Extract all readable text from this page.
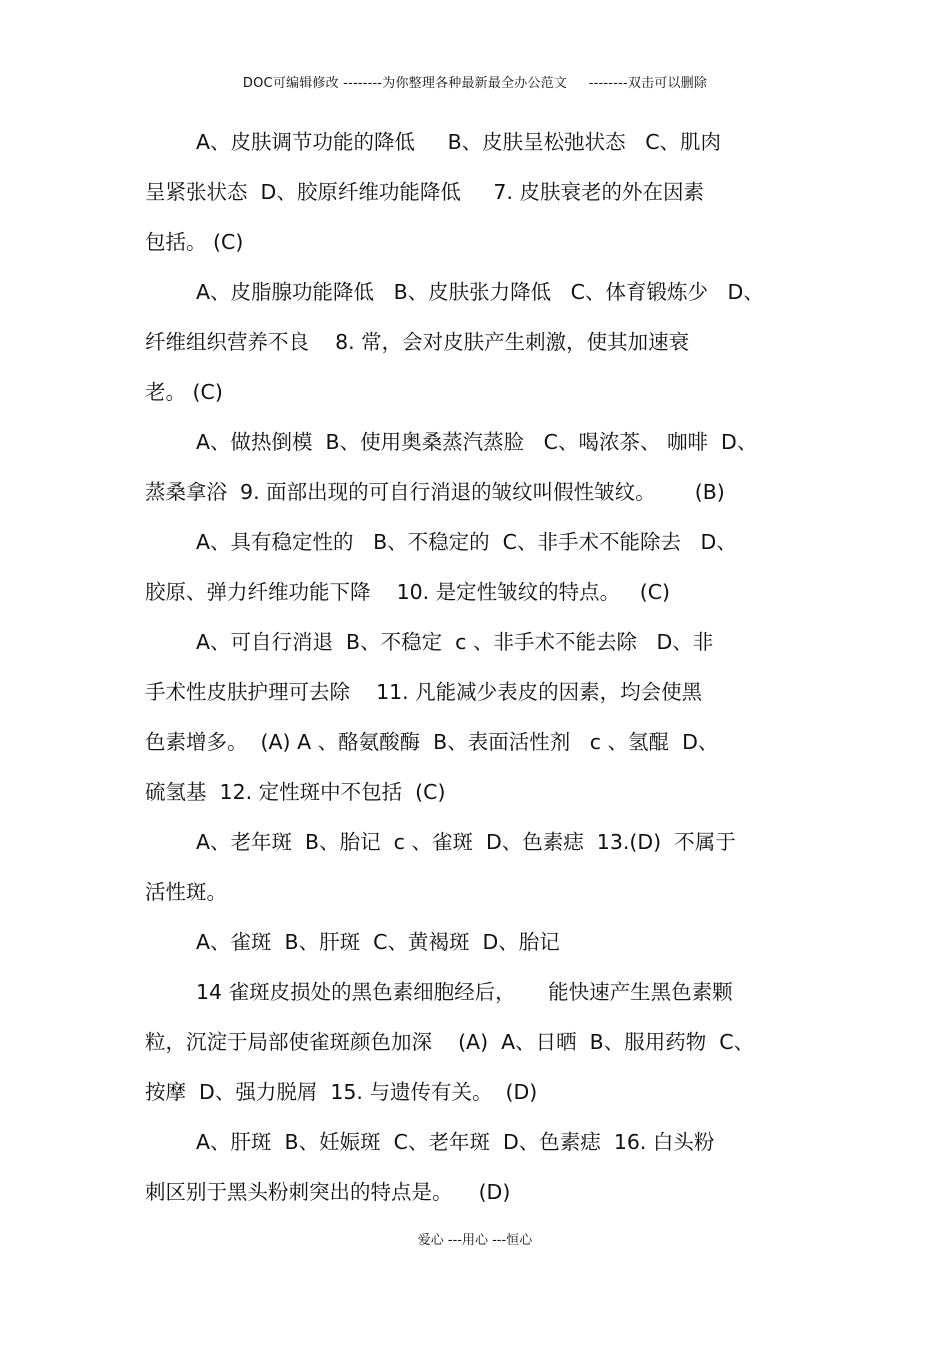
DOC可编辑修改 --------为你整理各种最新最全办公范文     --------双击可以删除
A、皮肤调节功能的降低     B、皮肤呈松弛状态   C、肌肉
呈紧张状态  D、胶原纤维功能降低     7. 皮肤衰老的外在因素
包括。 (C)
A、皮脂腺功能降低   B、皮肤张力降低   C、体育锻炼少   D、
纤维组织营养不良    8. 常，会对皮肤产生刺激，使其加速衰
老。 (C)
A、做热倒模  B、使用奥桑蒸汽蒸脸   C、喝浓茶、 咖啡  D、
蒸桑拿浴  9. 面部出现的可自行消退的皱纹叫假性皱纹。      (B)
A、具有稳定性的   B、不稳定的  C、非手术不能除去   D、
胶原、弹力纤维功能下降    10. 是定性皱纹的特点。   (C)
A、可自行消退  B、不稳定  c 、非手术不能去除   D、非
手术性皮肤护理可去除    11. 凡能减少表皮的因素，均会使黑
色素增多。  (A) A 、酪氨酸酶  B、表面活性剂   c 、氢醌  D、
硫氢基  12. 定性斑中不包括  (C)
A、老年斑  B、胎记  c 、雀斑  D、色素痣  13.(D)  不属于
活性斑。
A、雀斑  B、肝斑  C、黄褐斑  D、胎记
14 雀斑皮损处的黑色素细胞经后，     能快速产生黑色素颗
粒，沉淀于局部使雀斑颜色加深    (A)  A、日晒  B、服用药物  C、
按摩  D、强力脱屑  15. 与遗传有关。  (D)
A、肝斑  B、妊娠斑  C、老年斑  D、色素痣  16. 白头粉
刺区别于黑头粉刺突出的特点是。    (D)
爱心 ---用心 ---恒心
